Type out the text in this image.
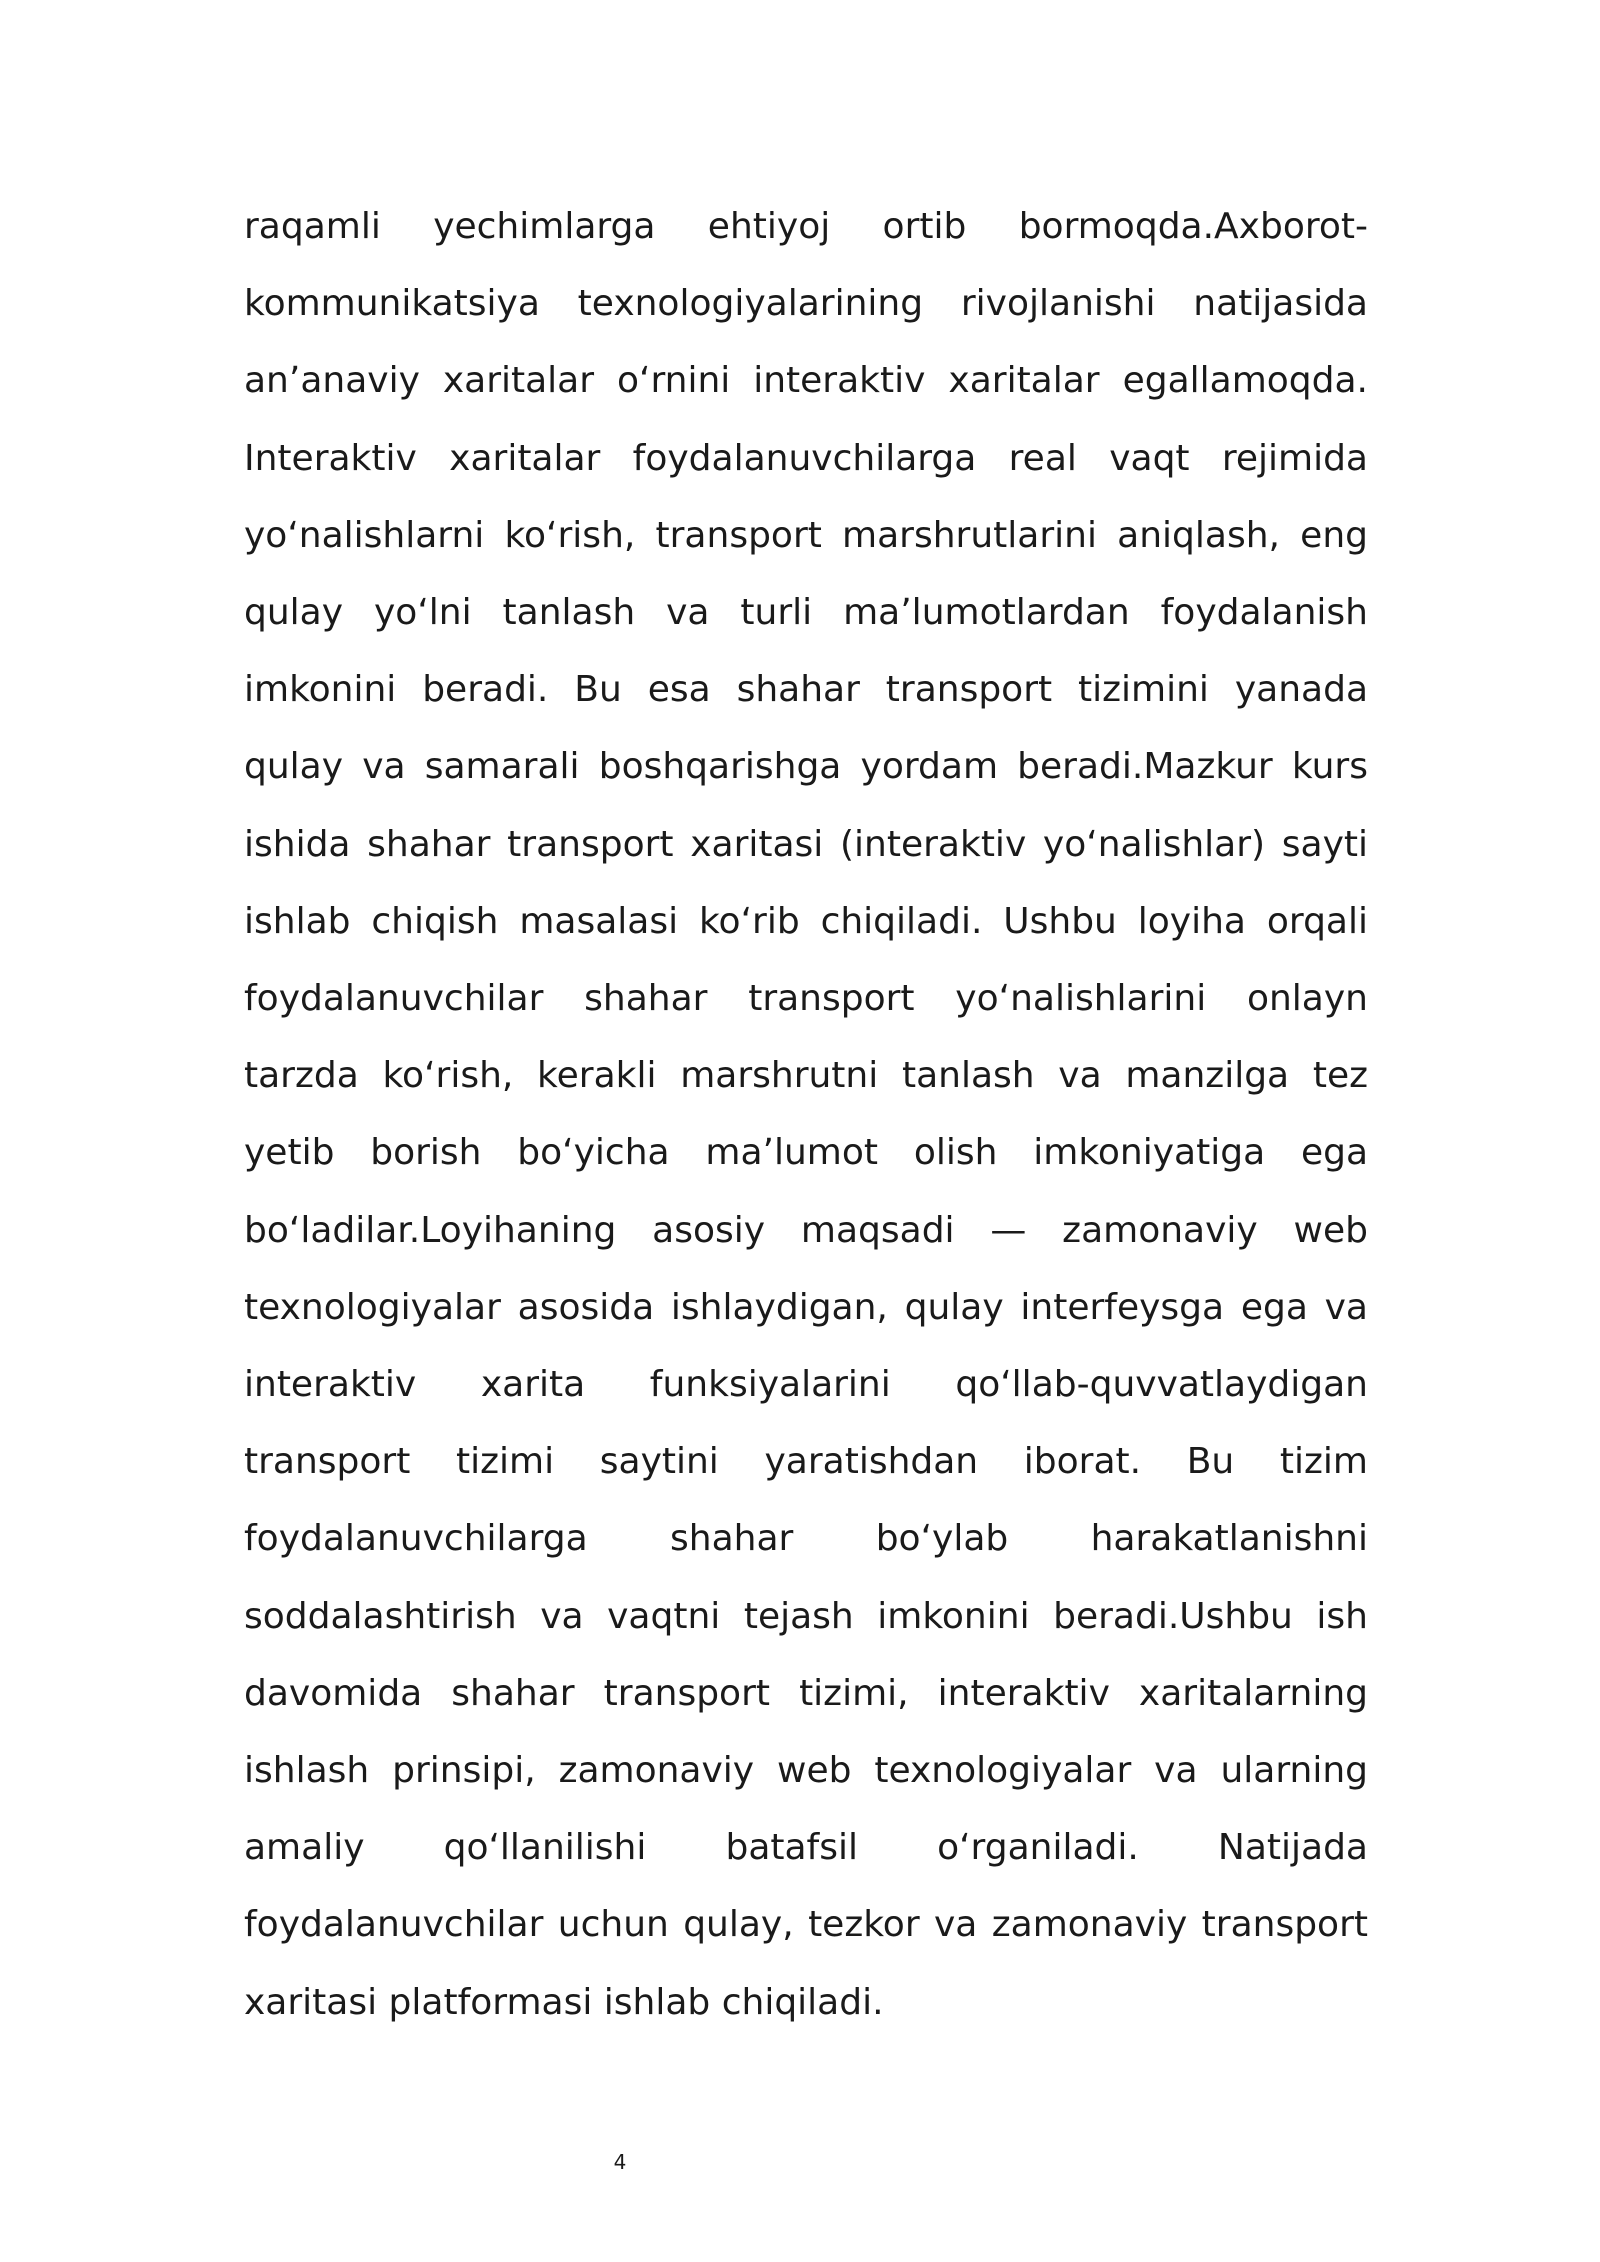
raqamli yechimlarga ehtiyoj ortib bormoqda.Axborot-kommunikatsiya texnologiyalarining rivojlanishi natijasida an’anaviy xaritalar o‘rnini interaktiv xaritalar egallamoqda. Interaktiv xaritalar foydalanuvchilarga real vaqt rejimida yo‘nalishlarni ko‘rish, transport marshrutlarini aniqlash, eng qulay yo‘lni tanlash va turli ma’lumotlardan foydalanish imkonini beradi. Bu esa shahar transport tizimini yanada qulay va samarali boshqarishga yordam beradi.Mazkur kurs ishida shahar transport xaritasi (interaktiv yo‘nalishlar) sayti ishlab chiqish masalasi ko‘rib chiqiladi. Ushbu loyiha orqali foydalanuvchilar shahar transport yo‘nalishlarini onlayn tarzda ko‘rish, kerakli marshrutni tanlash va manzilga tez yetib borish bo‘yicha ma’lumot olish imkoniyatiga ega bo‘ladilar.Loyihaning asosiy maqsadi — zamonaviy web texnologiyalar asosida ishlaydigan, qulay interfeysga ega va interaktiv xarita funksiyalarini qo‘llab-quvvatlaydigan transport tizimi saytini yaratishdan iborat. Bu tizim foydalanuvchilarga shahar bo‘ylab harakatlanishni soddalashtirish va vaqtni tejash imkonini beradi.Ushbu ish davomida shahar transport tizimi, interaktiv xaritalarning ishlash prinsipi, zamonaviy web texnologiyalar va ularning amaliy qo‘llanilishi batafsil o‘rganiladi. Natijada foydalanuvchilar uchun qulay, tezkor va zamonaviy transport xaritasi platformasi ishlab chiqiladi.

4
